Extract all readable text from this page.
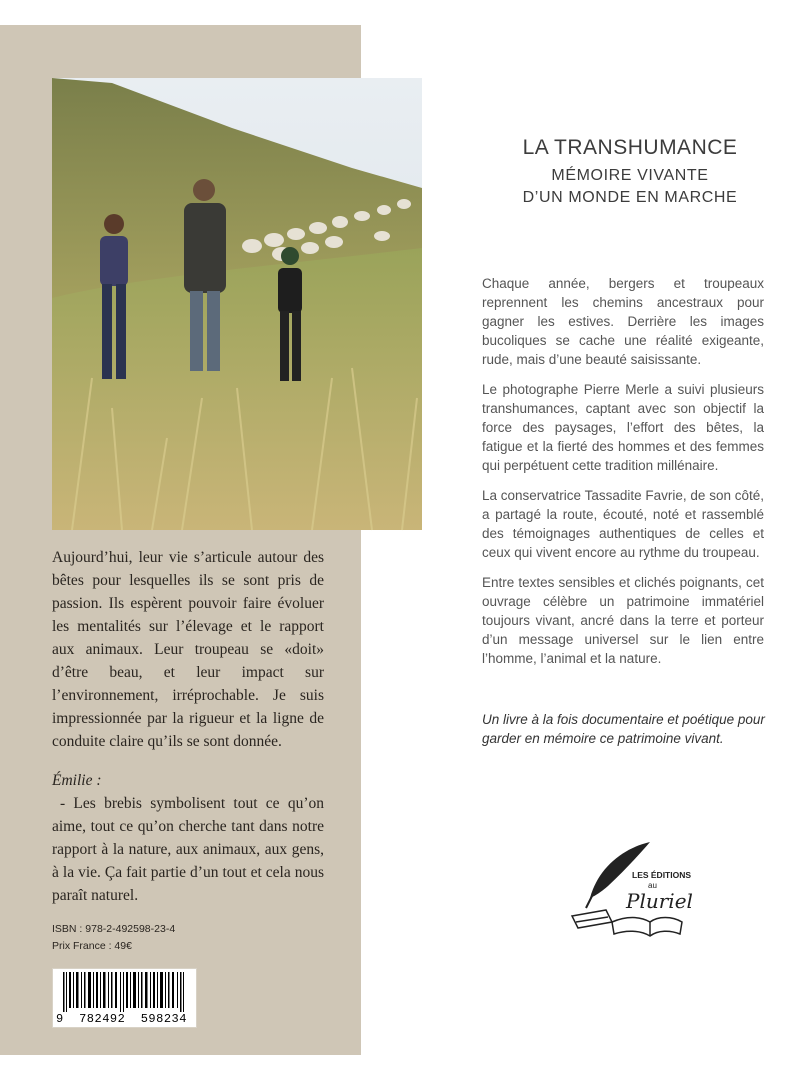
Aujourd’hui, leur vie s’articule autour des bêtes pour lesquelles ils se sont pris de passion. Ils espèrent pouvoir faire évoluer les mentalités sur l’élevage et le rapport aux animaux. Leur troupeau se «doit» d’être beau, et leur impact sur l’environnement, irréprochable. Je suis impressionnée par la rigueur et la ligne de conduite claire qu’ils se sont donnée.

Émilie :

- Les brebis symbolisent tout ce qu’on aime, tout ce qu’on cherche tant dans notre rapport à la nature, aux animaux, aux gens, à la vie. Ça fait partie d’un tout et cela nous paraît naturel.

ISBN : 978-2-492598-23-4
Prix France : 49€
9  782492  598234
LA TRANSHUMANCE
MÉMOIRE VIVANTE
D’UN MONDE EN MARCHE

Chaque année, bergers et troupeaux reprennent les chemins ancestraux pour gagner les estives. Derrière les images bucoliques se cache une réalité exigeante, rude, mais d’une beauté saisissante.

Le photographe Pierre Merle a suivi plusieurs transhumances, captant avec son objectif la force des paysages, l’effort des bêtes, la fatigue et la fierté des hommes et des femmes qui perpétuent cette tradition millénaire.

La conservatrice Tassadite Favrie, de son côté, a partagé la route, écouté, noté et rassemblé des témoignages authentiques de celles et ceux qui vivent encore au rythme du troupeau.

Entre textes sensibles et clichés poignants, cet ouvrage célèbre un patrimoine immatériel toujours vivant, ancré dans la terre et porteur d’un message universel sur le lien entre l’homme, l’animal et la nature.

Un livre à la fois documentaire et poétique pour garder en mémoire ce patrimoine vivant.
LES ÉDITIONS
au
Pluriel
